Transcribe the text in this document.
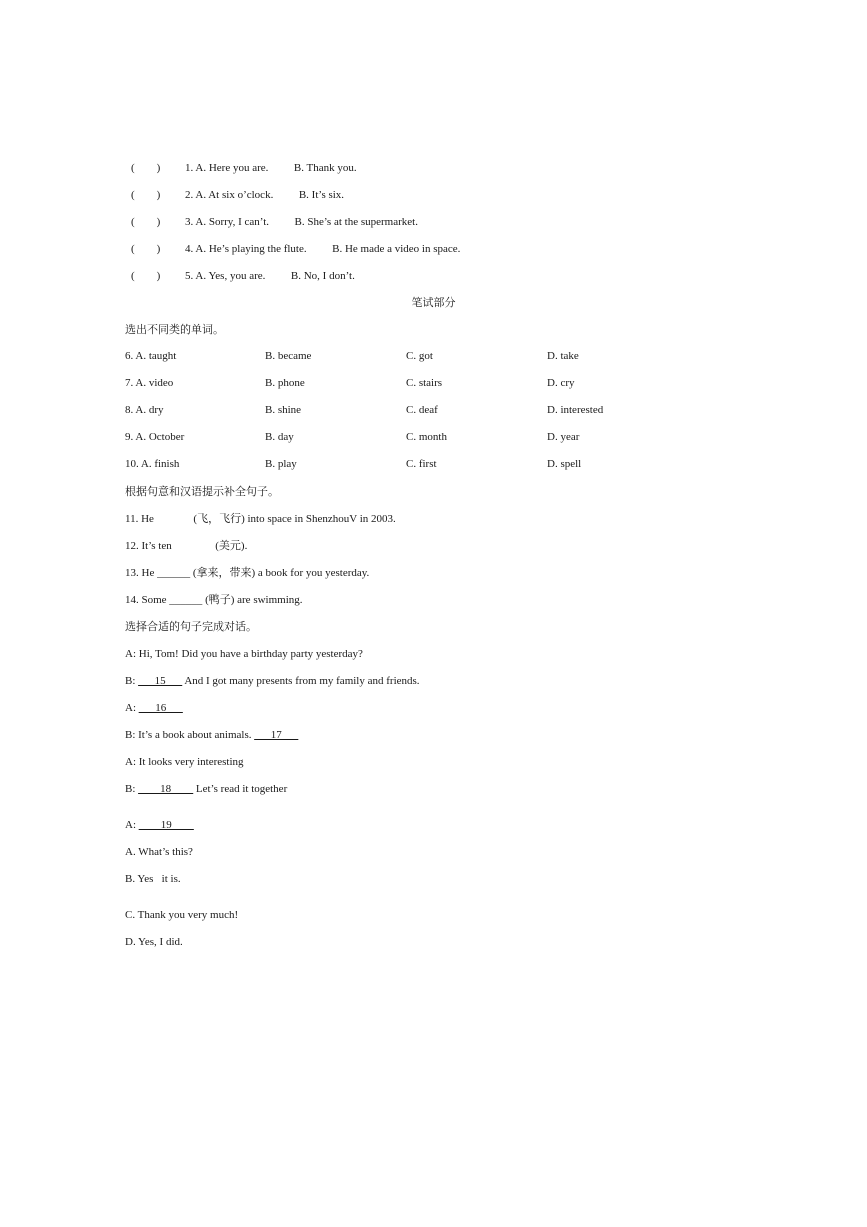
(        ) 1. A. Here you are. B. Thank you.
(        ) 2. A. At six o’clock. B. It’s six.
(        ) 3. A. Sorry, I can’t. B. She’s at the supermarket.
(        ) 4. A. He’s playing the flute. B. He made a video in space.
(        ) 5. A. Yes, you are. B. No, I don’t.
笔试部分
选出不同类的单词。
6. A. taught	B. became	C. got	D. take
7. A. video	B. phone	C. stairs	D. cry
8. A. dry	B. shine	C. deaf	D. interested
9. A. October	B. day	C. month	D. year
10. A. finish	B. play	C. first	D. spell
根据句意和汉语提示补全句子。
11. He	(飞，飞行) into space in ShenzhouV in 2003.
12. It’s ten	(美元).
13. He ______ (拿来，带来) a book for you yesterday.
14. Some ______ (鸭子) are swimming.
选择合适的句子完成对话。
A: Hi, Tom! Did you have a birthday party yesterday?
B: ___15___ And I got many presents from my family and friends.
A: ___16___
B: It’s a book about animals. ___17___
A: It looks very interesting
B: ____18____ Let’s read it together
A: ____19____
A. What’s this?
B. Yes   it is.
C. Thank you very much!
D. Yes, I did.
